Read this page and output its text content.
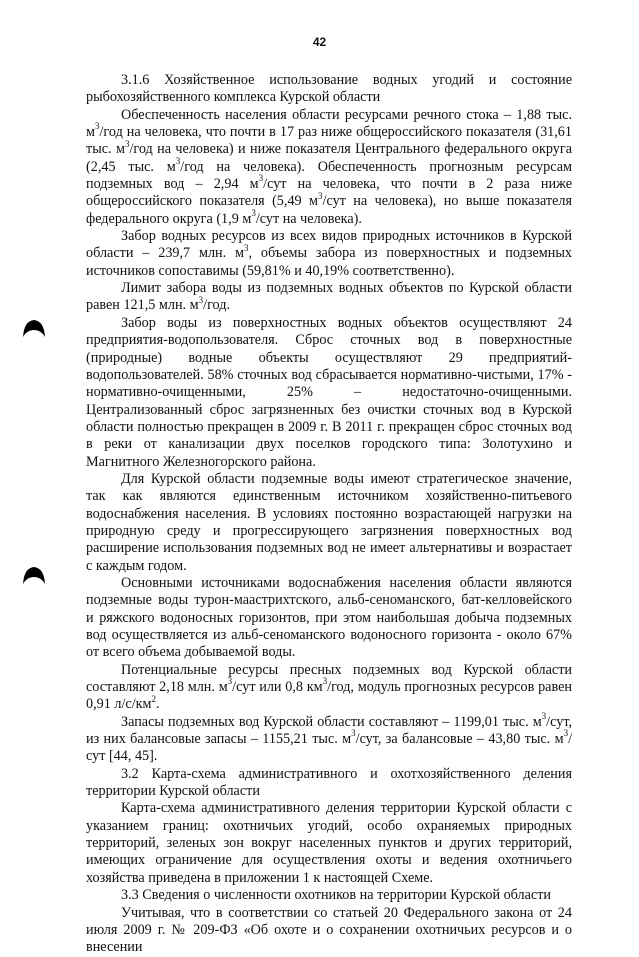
42

3.1.6 Хозяйственное использование водных угодий и состояние рыбохозяйственного комплекса Курской области

Обеспеченность населения области ресурсами речного стока – 1,88 тыс. $м^3$/год на человека, что почти в 17 раз ниже общероссийского показателя (31,61 тыс. $м^3$/год на человека) и ниже показателя Центрального федерального округа (2,45 тыс. $м^3$/год на человека). Обеспеченность прогнозным ресурсам подземных вод – 2,94 $м^3$/сут на человека, что почти в 2 раза ниже общероссийского показателя (5,49 $м^3$/сут на человека), но выше показателя федерального округа (1,9 $м^3$/сут на человека).

Забор водных ресурсов из всех видов природных источников в Курской области – 239,7 млн. $м^3$, объемы забора из поверхностных и подземных источников сопоставимы (59,81% и 40,19% соответственно).

Лимит забора воды из подземных водных объектов по Курской области равен 121,5 млн. $м^3$/год.

Забор воды из поверхностных водных объектов осуществляют 24 предприятия-водопользователя. Сброс сточных вод в поверхностные (природные) водные объекты осуществляют 29 предприятий-водопользователей. 58% сточных вод сбрасывается нормативно-чистыми, 17% - нормативно-очищенными, 25% – недостаточно-очищенными. Централизованный сброс загрязненных без очистки сточных вод в Курской области полностью прекращен в 2009 г. В 2011 г. прекращен сброс сточных вод в реки от канализации двух поселков городского типа: Золотухино и Магнитного Железногорского района.

Для Курской области подземные воды имеют стратегическое значение, так как являются единственным источником хозяйственно-питьевого водоснабжения населения. В условиях постоянно возрастающей нагрузки на природную среду и прогрессирующего загрязнения поверхностных вод расширение использования подземных вод не имеет альтернативы и возрастает с каждым годом.

Основными источниками водоснабжения населения области являются подземные воды турон-маастрихтского, альб-сеноманского, бат-келловейского и ряжского водоносных горизонтов, при этом наибольшая добыча подземных вод осуществляется из альб-сеноманского водоносного горизонта - около 67% от всего объема добываемой воды.

Потенциальные ресурсы пресных подземных вод Курской области составляют 2,18 млн. $м^3$/сут или 0,8 $км^3$/год, модуль прогнозных ресурсов равен 0,91 $л/с/км^2$.

Запасы подземных вод Курской области составляют – 1199,01 тыс. $м^3$/сут, из них балансовые запасы – 1155,21 тыс. $м^3$/сут, за балансовые – 43,80 тыс. $м^3$/сут [44, 45].

3.2 Карта-схема административного и охотхозяйственного деления территории Курской области

Карта-схема административного деления территории Курской области с указанием границ: охотничьих угодий, особо охраняемых природных территорий, зеленых зон вокруг населенных пунктов и других территорий, имеющих ограничение для осуществления охоты и ведения охотничьего хозяйства приведена в приложении 1 к настоящей Схеме.

3.3 Сведения о численности охотников на территории Курской области

Учитывая, что в соответствии со статьей 20 Федерального закона от 24 июля 2009 г. № 209-ФЗ «Об охоте и о сохранении охотничьих ресурсов и о внесении
